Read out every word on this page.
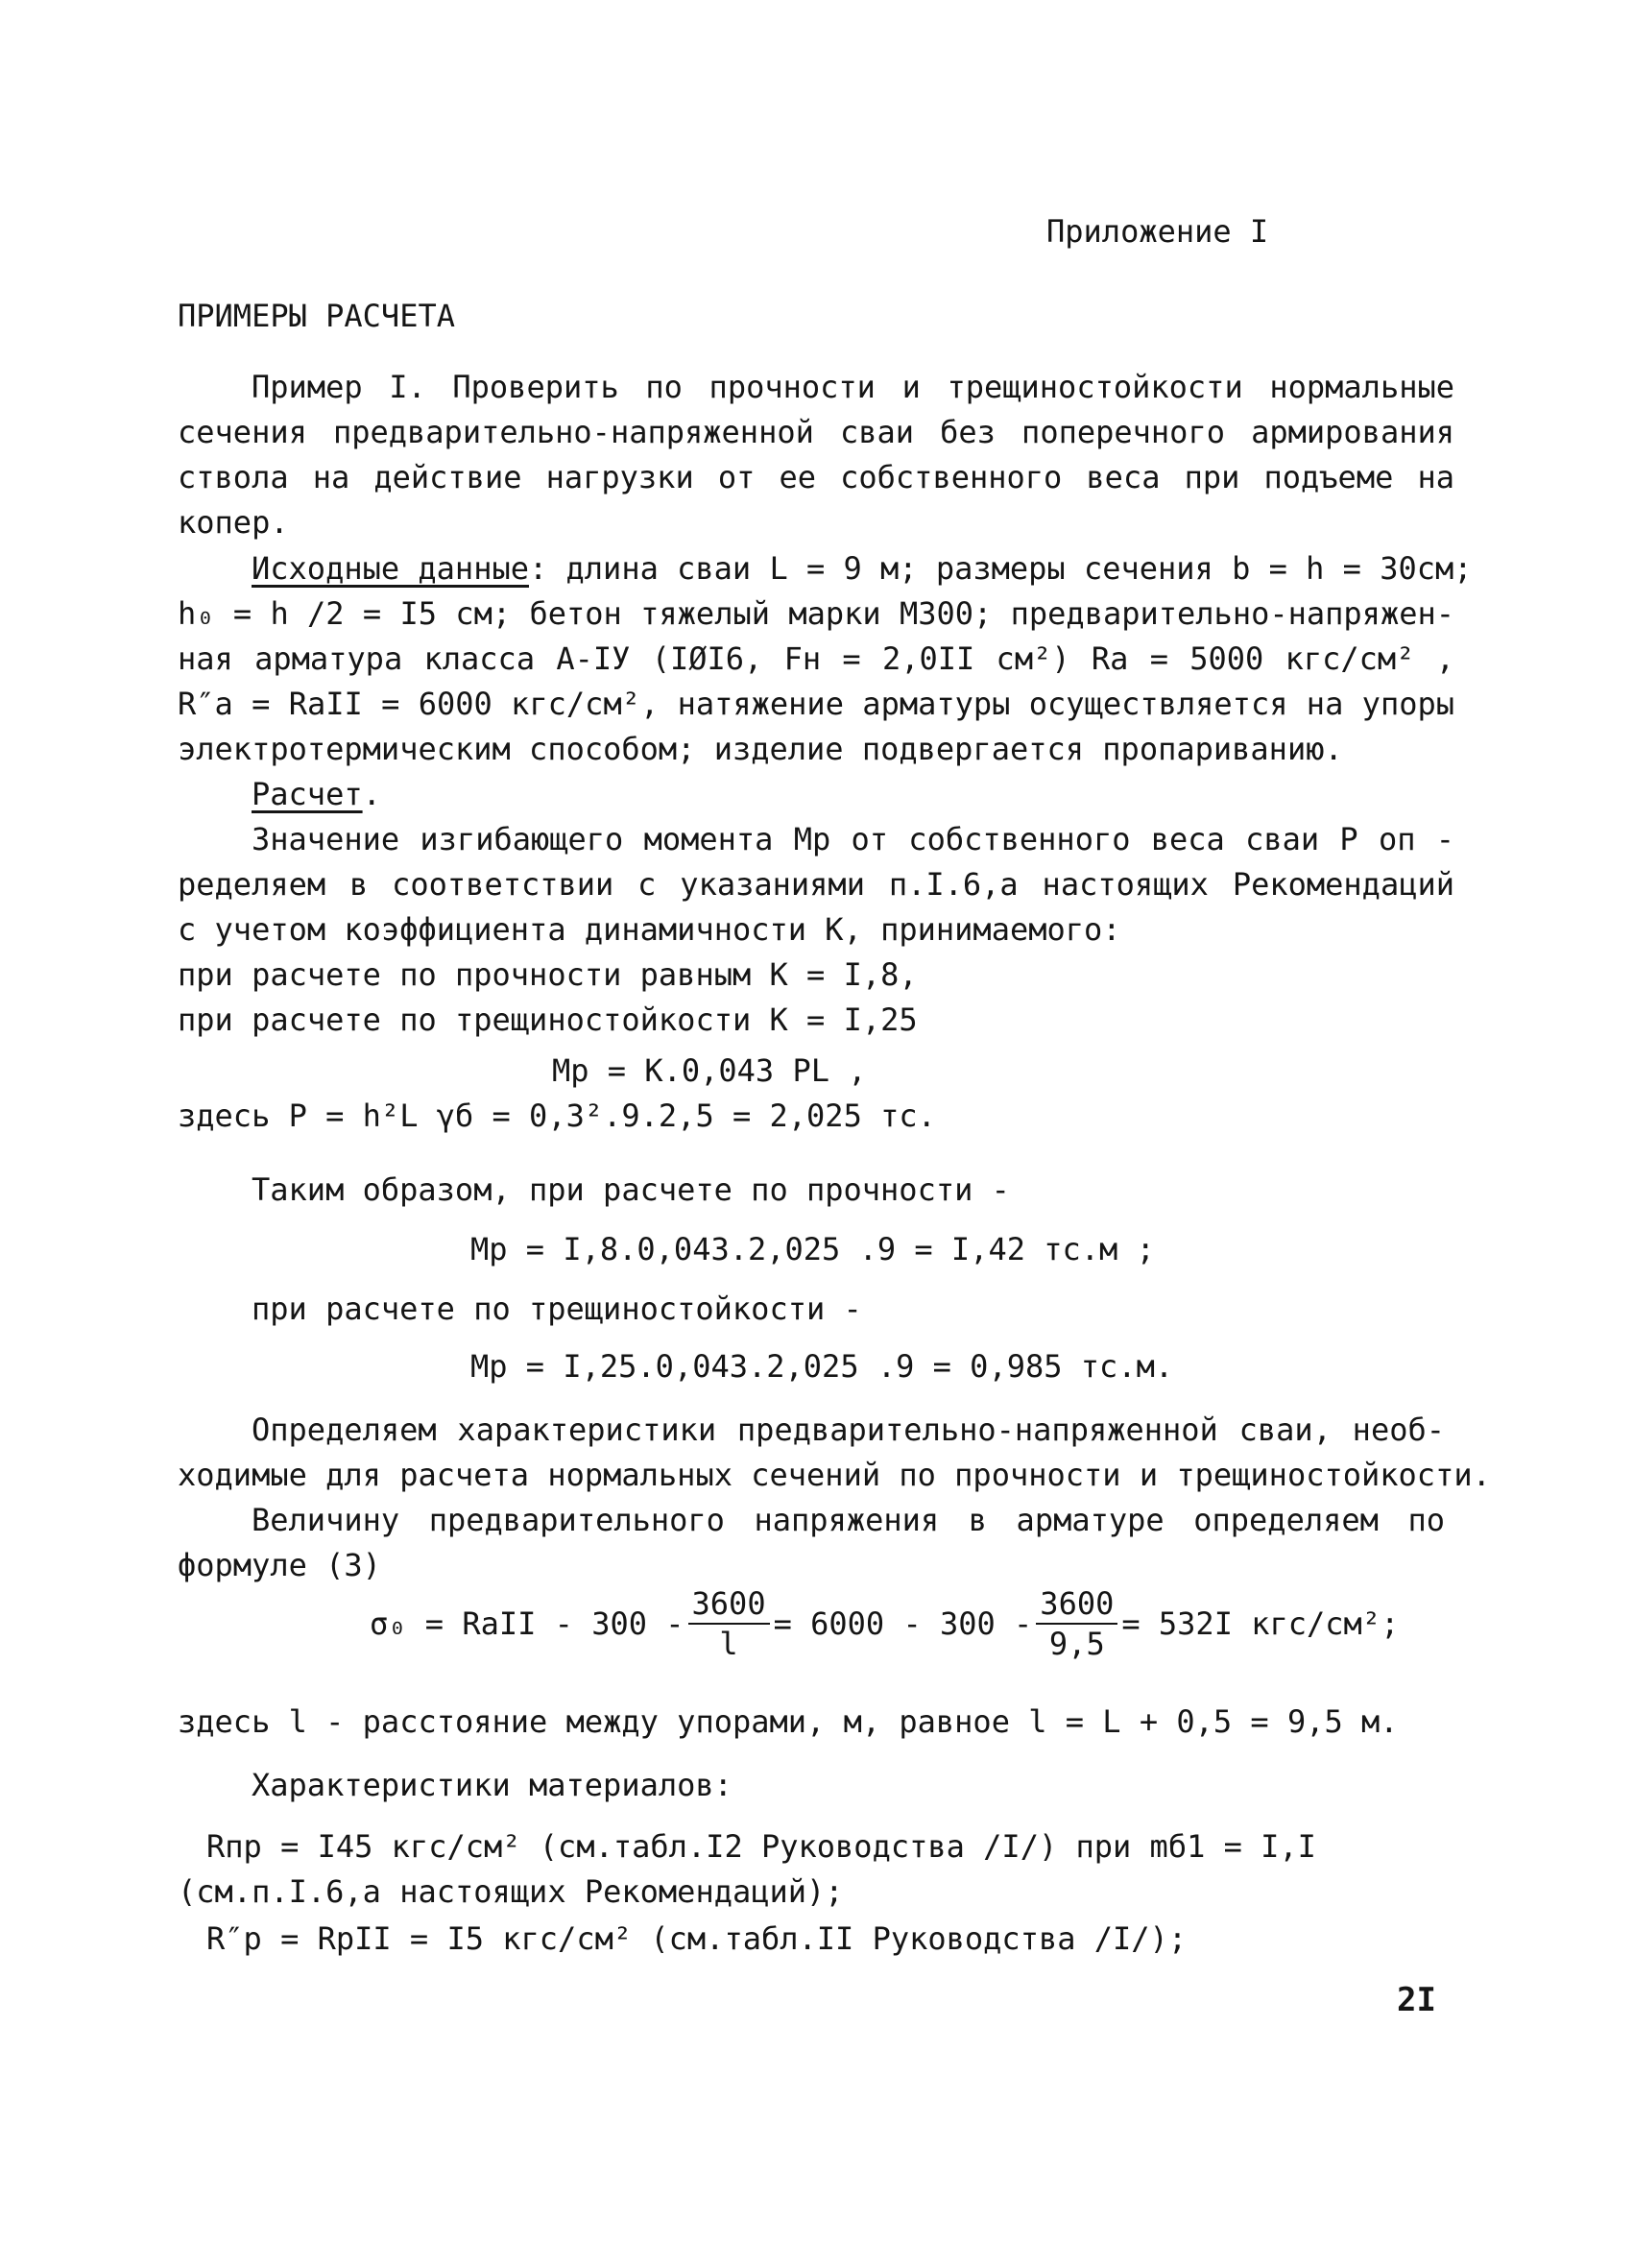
Приложение I

ПРИМЕРЫ РАСЧЕТА

Пример I. Проверить по прочности и трещиностойкости нормальные

сечения предварительно-напряженной сваи без поперечного армирования

ствола на действие нагрузки от ее собственного веса при подъеме на

копер.

Исходные данные: длина сваи L = 9 м; размеры сечения b = h = 30см;

h₀ = h /2 = I5 см; бетон тяжелый марки М300; предварительно-напряжен-

ная арматура класса А-IУ (IØI6, Fн = 2,0II см²) Rа = 5000 кгс/см² ,

R″а = RаII = 6000 кгс/см², натяжение арматуры осуществляется на упоры

электротермическим способом; изделие подвергается пропариванию.

Расчет.

Значение изгибающего момента Mр от собственного веса сваи Р оп -

ределяем в соответствии с указаниями п.I.6,а настоящих Рекомендаций

с учетом коэффициента динамичности К, принимаемого:

при расчете по прочности равным К = I,8,

при расчете по трещиностойкости К = I,25

Mр = К.0,043 PL ,

здесь P = h²L γб = 0,3².9.2,5 = 2,025 тс.

Таким образом, при расчете по прочности -

Mр = I,8.0,043.2,025 .9 = I,42 тс.м ;

при расчете по трещиностойкости -

Mр = I,25.0,043.2,025 .9 = 0,985 тс.м.

Определяем характеристики предварительно-напряженной сваи, необ-

ходимые для расчета нормальных сечений по прочности и трещиностойкости.

Величину предварительного напряжения в арматуре определяем по

формуле (3)

σ₀ = RаII - $300 - \frac{3600}{l} = 6000 - 300 - \frac{3600}{9,5} = 532I$ кгс/см²;

здесь l - расстояние между упорами, м, равное l = L + 0,5 = 9,5 м.

Характеристики материалов:

Rпр = I45 кгс/см² (см.табл.I2 Руководства /I/) при mб1 = I,I

(см.п.I.6,а настоящих Рекомендаций);

R″р = RрII = I5 кгс/см² (см.табл.II Руководства /I/);

2I
